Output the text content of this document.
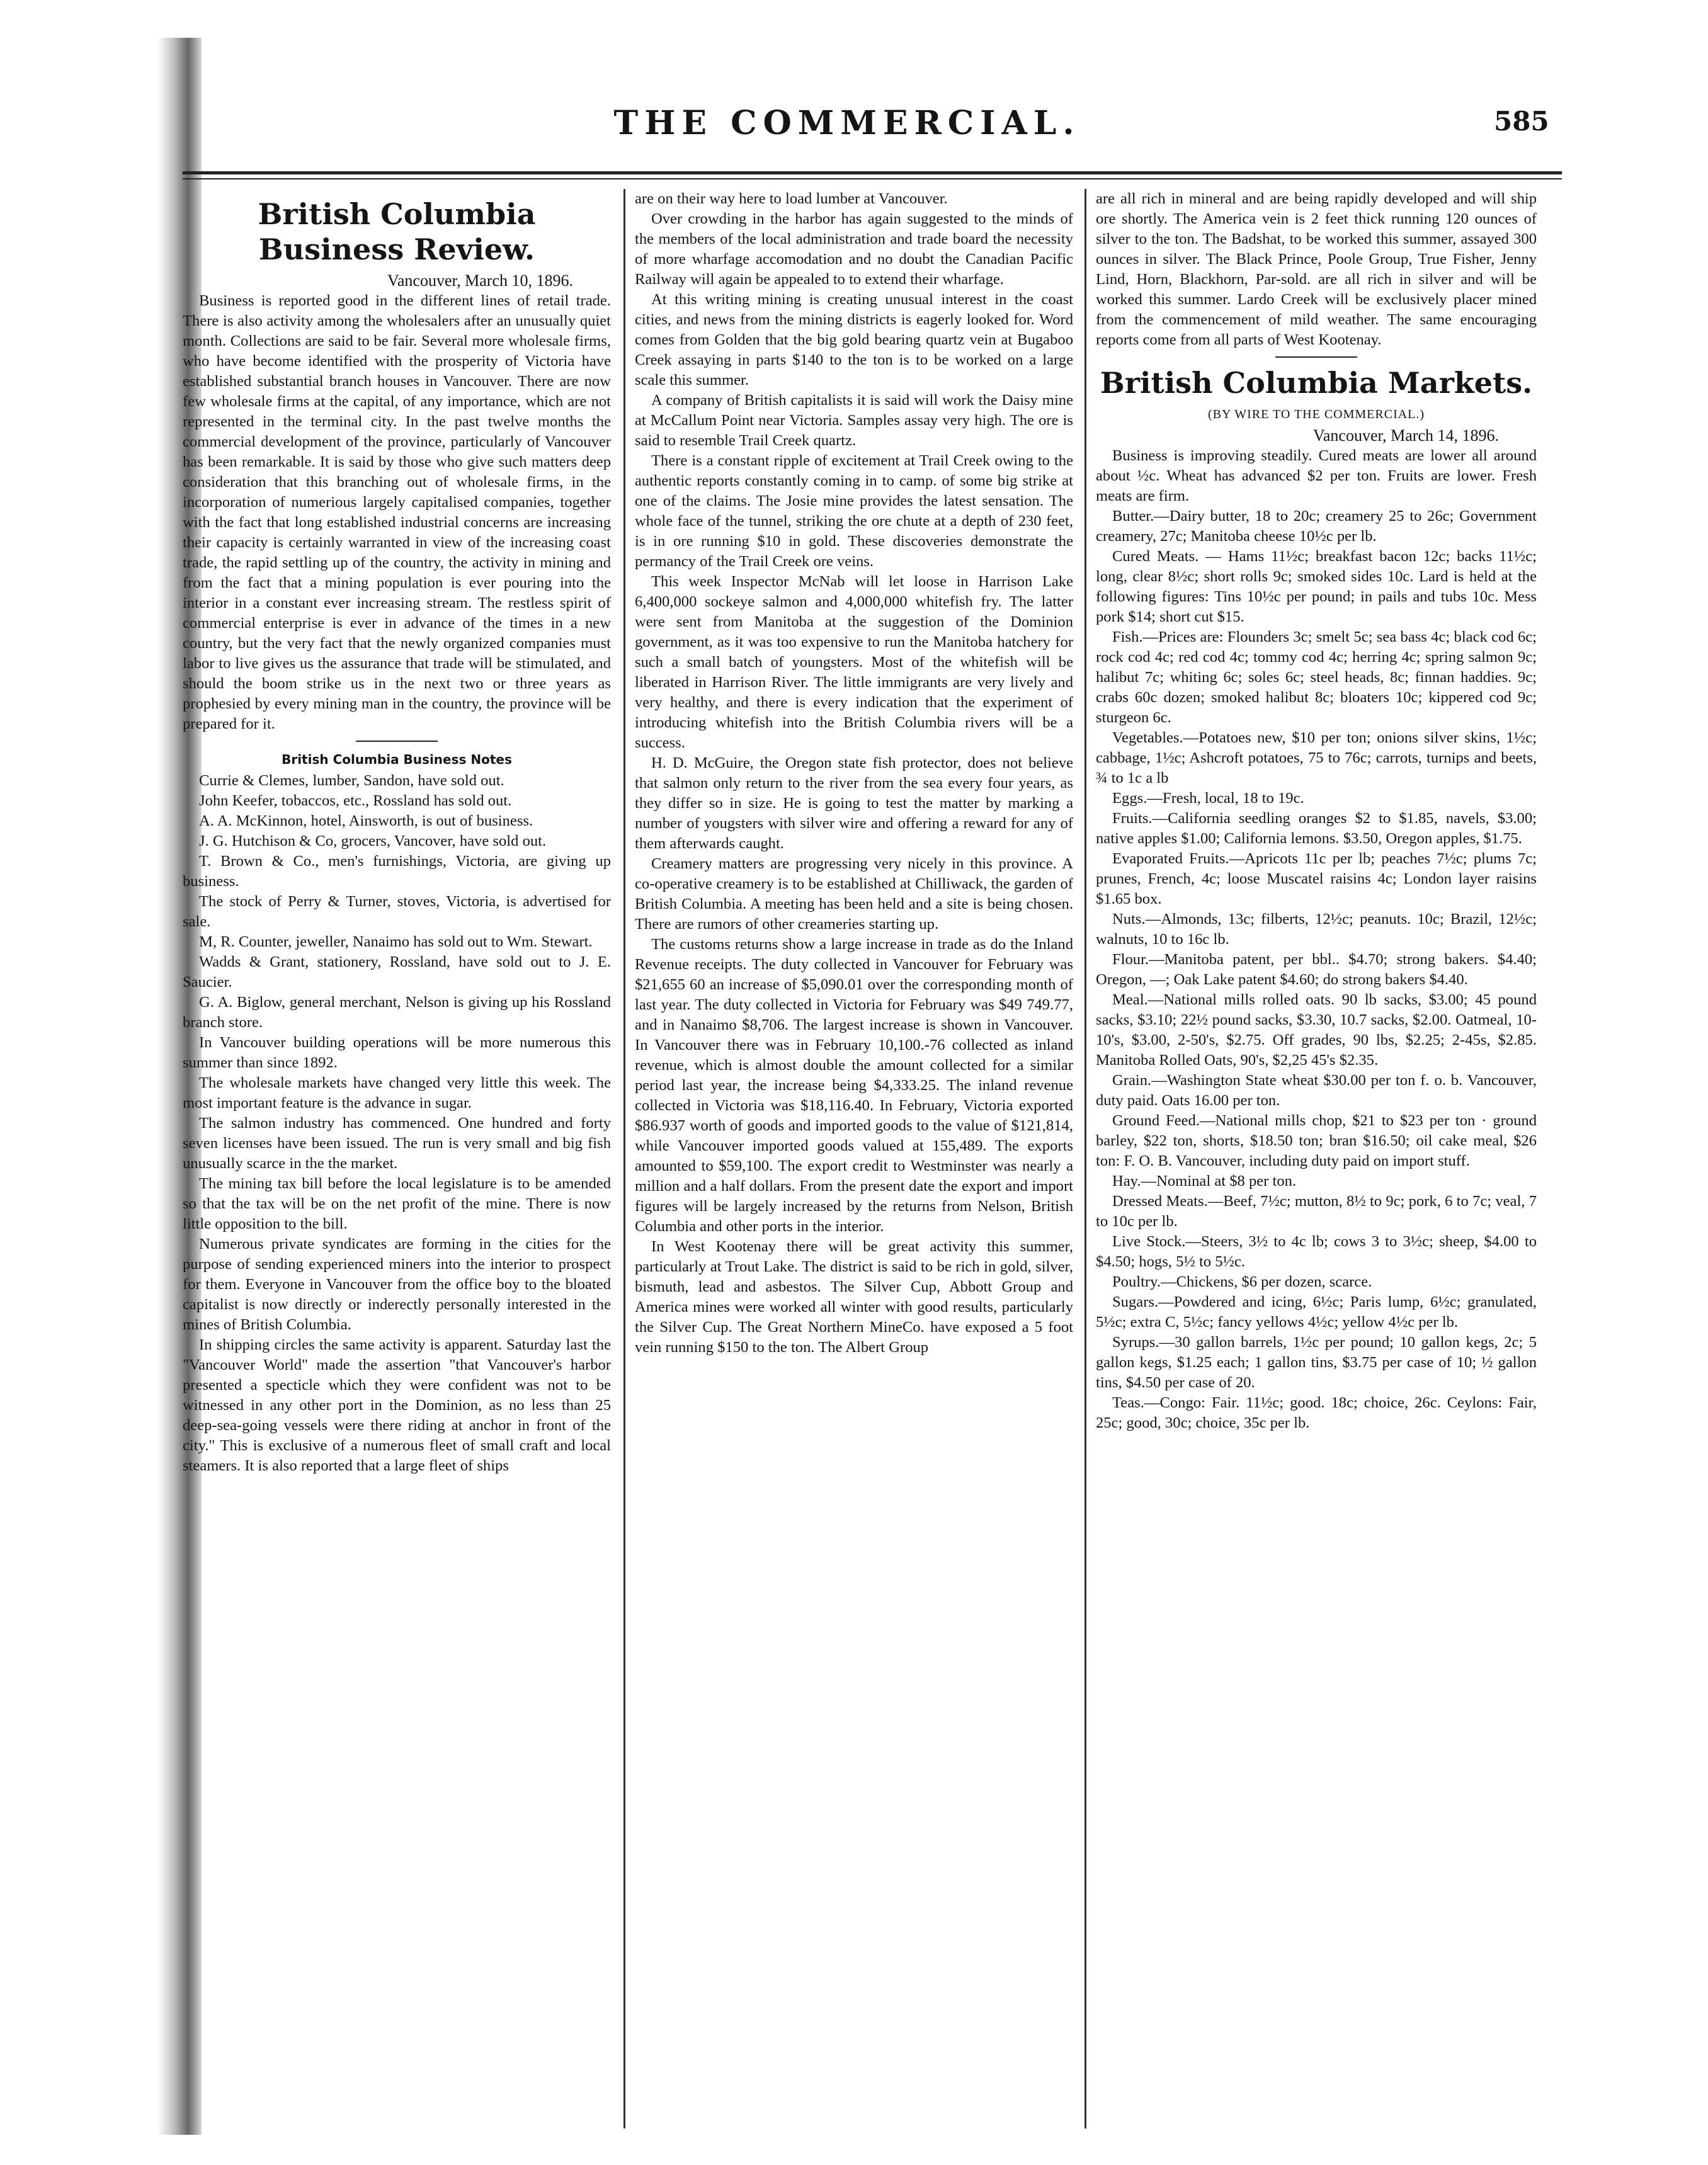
THE COMMERCIAL.	585
British Columbia Business Review.

Vancouver, March 10, 1896.

Business is reported good in the different lines of retail trade. There is also activity among the wholesalers after an unusually quiet month. Collections are said to be fair. Several more wholesale firms, who have become identified with the prosperity of Victoria have established substantial branch houses in Vancouver. There are now few wholesale firms at the capital, of any importance, which are not represented in the terminal city. In the past twelve months the commercial development of the province, particularly of Vancouver has been remarkable. It is said by those who give such matters deep consideration that this branching out of wholesale firms, in the incorporation of numerious largely capitalised companies, together with the fact that long established industrial concerns are increasing their capacity is certainly warranted in view of the increasing coast trade, the rapid settling up of the country, the activity in mining and from the fact that a mining population is ever pouring into the interior in a constant ever increasing stream. The restless spirit of commercial enterprise is ever in advance of the times in a new country, but the very fact that the newly organized companies must labor to live gives us the assurance that trade will be stimulated, and should the boom strike us in the next two or three years as prophesied by every mining man in the country, the province will be prepared for it.

British Columbia Business Notes

Currie & Clemes, lumber, Sandon, have sold out.

John Keefer, tobaccos, etc., Rossland has sold out.

A. A. McKinnon, hotel, Ainsworth, is out of business.

J. G. Hutchison & Co, grocers, Vancover, have sold out.

T. Brown & Co., men's furnishings, Victoria, are giving up business.

The stock of Perry & Turner, stoves, Victoria, is advertised for sale.

M, R. Counter, jeweller, Nanaimo has sold out to Wm. Stewart.

Wadds & Grant, stationery, Rossland, have sold out to J. E. Saucier.

G. A. Biglow, general merchant, Nelson is giving up his Rossland branch store.

In Vancouver building operations will be more numerous this summer than since 1892.

The wholesale markets have changed very little this week. The most important feature is the advance in sugar.

The salmon industry has commenced. One hundred and forty seven licenses have been issued. The run is very small and big fish unusually scarce in the the market.

The mining tax bill before the local legislature is to be amended so that the tax will be on the net profit of the mine. There is now little opposition to the bill.

Numerous private syndicates are forming in the cities for the purpose of sending experienced miners into the interior to prospect for them. Everyone in Vancouver from the office boy to the bloated capitalist is now directly or inderectly personally interested in the mines of British Columbia.

In shipping circles the same activity is apparent. Saturday last the "Vancouver World" made the assertion "that Vancouver's harbor presented a specticle which they were confident was not to be witnessed in any other port in the Dominion, as no less than 25 deep-sea-going vessels were there riding at anchor in front of the city." This is exclusive of a numerous fleet of small craft and local steamers. It is also reported that a large fleet of ships

are on their way here to load lumber at Vancouver.

Over crowding in the harbor has again suggested to the minds of the members of the local administration and trade board the necessity of more wharfage accomodation and no doubt the Canadian Pacific Railway will again be appealed to to extend their wharfage.

At this writing mining is creating unusual interest in the coast cities, and news from the mining districts is eagerly looked for. Word comes from Golden that the big gold bearing quartz vein at Bugaboo Creek assaying in parts $140 to the ton is to be worked on a large scale this summer.

A company of British capitalists it is said will work the Daisy mine at McCallum Point near Victoria. Samples assay very high. The ore is said to resemble Trail Creek quartz.

There is a constant ripple of excitement at Trail Creek owing to the authentic reports constantly coming in to camp. of some big strike at one of the claims. The Josie mine provides the latest sensation. The whole face of the tunnel, striking the ore chute at a depth of 230 feet, is in ore running $10 in gold. These discoveries demonstrate the permancy of the Trail Creek ore veins.

This week Inspector McNab will let loose in Harrison Lake 6,400,000 sockeye salmon and 4,000,000 whitefish fry. The latter were sent from Manitoba at the suggestion of the Dominion government, as it was too expensive to run the Manitoba hatchery for such a small batch of youngsters. Most of the whitefish will be liberated in Harrison River. The little immigrants are very lively and very healthy, and there is every indication that the experiment of introducing whitefish into the British Columbia rivers will be a success.

H. D. McGuire, the Oregon state fish protector, does not believe that salmon only return to the river from the sea every four years, as they differ so in size. He is going to test the matter by marking a number of yougsters with silver wire and offering a reward for any of them afterwards caught.

Creamery matters are progressing very nicely in this province. A co-operative creamery is to be established at Chilliwack, the garden of British Columbia. A meeting has been held and a site is being chosen. There are rumors of other creameries starting up.

The customs returns show a large increase in trade as do the Inland Revenue receipts. The duty collected in Vancouver for February was $21,655 60 an increase of $5,090.01 over the corresponding month of last year. The duty collected in Victoria for February was $49 749.77, and in Nanaimo $8,706. The largest increase is shown in Vancouver. In Vancouver there was in February 10,100.-76 collected as inland revenue, which is almost double the amount collected for a similar period last year, the increase being $4,333.25. The inland revenue collected in Victoria was $18,116.40. In February, Victoria exported $86.937 worth of goods and imported goods to the value of $121,814, while Vancouver imported goods valued at 155,489. The exports amounted to $59,100. The export credit to Westminster was nearly a million and a half dollars. From the present date the export and import figures will be largely increased by the returns from Nelson, British Columbia and other ports in the interior.

In West Kootenay there will be great activity this summer, particularly at Trout Lake. The district is said to be rich in gold, silver, bismuth, lead and asbestos. The Silver Cup, Abbott Group and America mines were worked all winter with good results, particularly the Silver Cup. The Great Northern MineCo. have exposed a 5 foot vein running $150 to the ton. The Albert Group

are all rich in mineral and are being rapidly developed and will ship ore shortly. The America vein is 2 feet thick running 120 ounces of silver to the ton. The Badshat, to be worked this summer, assayed 300 ounces in silver. The Black Prince, Poole Group, True Fisher, Jenny Lind, Horn, Blackhorn, Par-sold. are all rich in silver and will be worked this summer. Lardo Creek will be exclusively placer mined from the commencement of mild weather. The same encouraging reports come from all parts of West Kootenay.

British Columbia Markets.
(BY WIRE TO THE COMMERCIAL.)

Vancouver, March 14, 1896.

Business is improving steadily. Cured meats are lower all around about ½c. Wheat has advanced $2 per ton. Fruits are lower. Fresh meats are firm.

Butter.—Dairy butter, 18 to 20c; creamery 25 to 26c; Government creamery, 27c; Manitoba cheese 10½c per lb.

Cured Meats. — Hams 11½c; breakfast bacon 12c; backs 11½c; long, clear 8½c; short rolls 9c; smoked sides 10c. Lard is held at the following figures: Tins 10½c per pound; in pails and tubs 10c. Mess pork $14; short cut $15.

Fish.—Prices are: Flounders 3c; smelt 5c; sea bass 4c; black cod 6c; rock cod 4c; red cod 4c; tommy cod 4c; herring 4c; spring salmon 9c; halibut 7c; whiting 6c; soles 6c; steel heads, 8c; finnan haddies. 9c; crabs 60c dozen; smoked halibut 8c; bloaters 10c; kippered cod 9c; sturgeon 6c.

Vegetables.—Potatoes new, $10 per ton; onions silver skins, 1½c; cabbage, 1½c; Ashcroft potatoes, 75 to 76c; carrots, turnips and beets, ¾ to 1c a lb

Eggs.—Fresh, local, 18 to 19c.

Fruits.—California seedling oranges $2 to $1.85, navels, $3.00; native apples $1.00; California lemons. $3.50, Oregon apples, $1.75.

Evaporated Fruits.—Apricots 11c per lb; peaches 7½c; plums 7c; prunes, French, 4c; loose Muscatel raisins 4c; London layer raisins $1.65 box.

Nuts.—Almonds, 13c; filberts, 12½c; peanuts. 10c; Brazil, 12½c; walnuts, 10 to 16c lb.

Flour.—Manitoba patent, per bbl.. $4.70; strong bakers. $4.40; Oregon, —; Oak Lake patent $4.60; do strong bakers $4.40.

Meal.—National mills rolled oats. 90 lb sacks, $3.00; 45 pound sacks, $3.10; 22½ pound sacks, $3.30, 10.7 sacks, $2.00. Oatmeal, 10-10's, $3.00, 2-50's, $2.75. Off grades, 90 lbs, $2.25; 2-45s, $2.85. Manitoba Rolled Oats, 90's, $2,25 45's $2.35.

Grain.—Washington State wheat $30.00 per ton f. o. b. Vancouver, duty paid. Oats 16.00 per ton.

Ground Feed.—National mills chop, $21 to $23 per ton · ground barley, $22 ton, shorts, $18.50 ton; bran $16.50; oil cake meal, $26 ton: F. O. B. Vancouver, including duty paid on import stuff.

Hay.—Nominal at $8 per ton.

Dressed Meats.—Beef, 7½c; mutton, 8½ to 9c; pork, 6 to 7c; veal, 7 to 10c per lb.

Live Stock.—Steers, 3½ to 4c lb; cows 3 to 3½c; sheep, $4.00 to $4.50; hogs, 5½ to 5½c.

Poultry.—Chickens, $6 per dozen, scarce.

Sugars.—Powdered and icing, 6½c; Paris lump, 6½c; granulated, 5½c; extra C, 5½c; fancy yellows 4½c; yellow 4½c per lb.

Syrups.—30 gallon barrels, 1½c per pound; 10 gallon kegs, 2c; 5 gallon kegs, $1.25 each; 1 gallon tins, $3.75 per case of 10; ½ gallon tins, $4.50 per case of 20.

Teas.—Congo: Fair. 11½c; good. 18c; choice, 26c. Ceylons: Fair, 25c; good, 30c; choice, 35c per lb.
